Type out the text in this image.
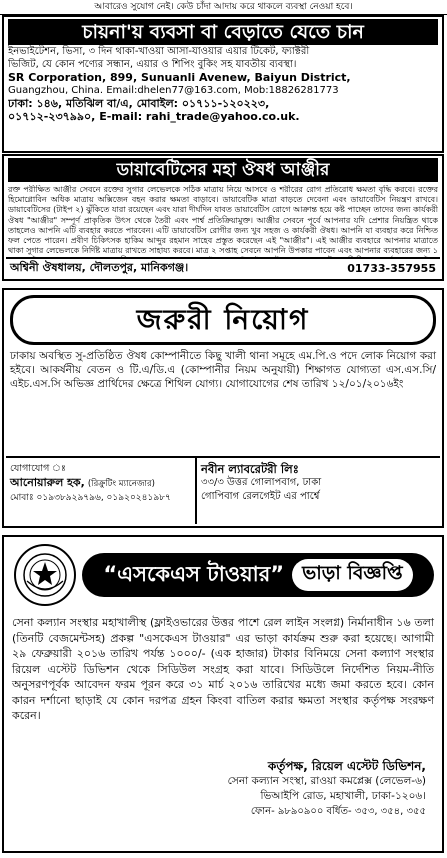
আবারেও সুযোগ নেই। কেউ চাঁদা আদায় করে থাকলে ব্যবস্থা নেওয়া হবে।
চায়না'য় ব্যবসা বা বেড়াতে যেতে চান
ইনভাইটেশন, ভিসা, ৩ দিন থাকা-খাওয়া আসা-যাওয়ার এয়ার টিকেট, ফ্যাক্টরী
ভিজিট, যে কোন পণ্যের সন্ধান, এয়ার ও শিপিং বুকিং সহ যাবতীয় ব্যবস্থা।
SR Corporation, 899, Sunuanli Avenew, Baiyun District,
Guangzhou, China. Email:dhelen77@163.com, Mob:18826281773
ঢাকা: ১৪৬, মতিঝিল বা/এ, মোবাইল: ০১৭১১-১২০২২৩,
০১৭১২-২৩৭৯৯০, E-mail: rahi_trade@yahoo.co.uk.
ডায়াবেটিসের মহা ঔষধ আঞ্জীর
রক্ত পরীক্ষিত আঞ্জীর সেবনে রক্তের সুগার লেভেলকে সঠিক মাত্রায় নিয়ে আসবে ও শরীরের রোগ প্রতিরোধ ক্ষমতা বৃদ্ধি করবে। রক্তের হিমোগ্লোবিন অধিক মাত্রায় অক্সিজেন বহন করার ক্ষমতা বাড়াবে। ডায়াবেটিক মাত্রা বাড়তে দেবেনা এবং ডায়াবেটিস নিয়ন্ত্রণ রাখবে। ডায়াবেটিসের (টাইপ ২) ঝুঁকিতে যারা রয়েছেন এবং যারা দীর্ঘদিন যাবত ডায়াবেটিস রোগে আক্রান্ত হয়ে কষ্ট পাচ্ছেন তাদের জন্য কার্যকরী ঔষধ "আঞ্জীর" সম্পূর্ণ প্রাকৃতিক উৎস থেকে তৈরী এবং পার্শ্ব প্রতিক্রিয়ামুক্ত। আঞ্জীর সেবনে পূর্বে আপনার যদি প্রেশার নিয়ন্ত্রিত থাকে তাহলেও আপনি এটি ব্যবহার করতে পারবেন। এটি ডায়াবেটিস রোগীর জন্য খুব সহজ ও কার্যকরী ঔষধ। আপনি যা ব্যবহার করে নিশ্চিত ফল পেতে পারেন। প্রবীণ চিকিৎসক হাকিম আব্দুর রহমান সাহেব প্রস্তুত করেছেন এই "আঞ্জীর"। এই আঞ্জীর ব্যবহারে আপনার মাত্রাতে থাকা সুগার লেভেলকে নির্দিষ্ট মাত্রায় রাখতে সাহায্য করবে। মাত্র ২ সপ্তাহ সেবনে আপনি উপকার পাবেন এবং আপনার ব্যবহারের জন্য ১
অশ্বিনী ঔষধালয়, দৌলতপুর, মানিকগঞ্জ।	01733-357955
জরুরী নিয়োগ
ঢাকায় অবস্থিত সু-প্রতিষ্ঠিত ঔষধ কোম্পানীতে কিছু খালী থানা সমূহে এম.পি.ও পদে লোক নিয়োগ করা হইবে। আকর্ষনীয় বেতন ও টি.এ/ডি.এ (কোম্পানীর নিয়ম অনুযায়ী) শিক্ষাগত যোগ্যতা এস.এস.সি/এইচ.এস.সি অভিজ্ঞ প্রার্থিদের ক্ষেত্রে শিথিল যোগ্য। যোগাযোগের শেষ তারিখ ১২/০১/২০১৬ইং
যোগাযোগ ঃ
আনোয়ারুল হক, (রিক্রুটিং ম্যানেজার)
মোবাঃ ০১৯৩৮৯২৯৭৯৬, ০১৯২০২৪১৯৮৭
নবীন ল্যাবরেটরী লিঃ
৩৩/৩ উত্তর গোলাপবাগ, ঢাকা
গোপিবাগ রেলগেইট এর পার্শ্বে
“এসকেএস টাওয়ার” ভাড়া বিজ্ঞপ্তি
সেনা কল্যান সংস্থার মহাখালীস্থ (ফ্লাইওভারের উত্তর পাশে রেল লাইন সংলগ্ন) নির্মানাধীন ১৬ তলা (তিনটি বেজমেন্টসহ) প্রকল্প "এসকেএস টাওয়ার" এর ভাড়া কার্যক্রম শুরু করা হয়েছে। আগামী ২৯ ফেব্রুয়ারী ২০১৬ তারিখ পর্যন্ত ১০০০/- (এক হাজার) টাকার বিনিময়ে সেনা কল্যাণ সংস্থার রিয়েল এস্টেট ডিভিশন থেকে সিডিউল সংগ্রহ করা যাবে। সিডিউলে নির্দেশিত নিয়ম-নীতি অনুসরণপূর্বক আবেদন ফরম পূরন করে ৩১ মার্চ ২০১৬ তারিখের মধ্যে জমা করতে হবে। কোন কারন দর্শানো ছাড়াই যে কোন দরপত্র গ্রহন কিংবা বাতিল করার ক্ষমতা সংস্থার কর্তৃপক্ষ সংরক্ষণ করেন।
কর্তৃপক্ষ, রিয়েল এস্টেট ডিভিশন,
সেনা কল্যান সংস্থা, রাওয়া কমপ্লেক্স (লেভেল-৬)
ভিআইপি রোড, মহাখালী, ঢাকা-১২০৬।
ফোন- ৯৮৯০৯০০ বর্ধিত- ৩৫৩, ৩৫৪, ৩৫৫
